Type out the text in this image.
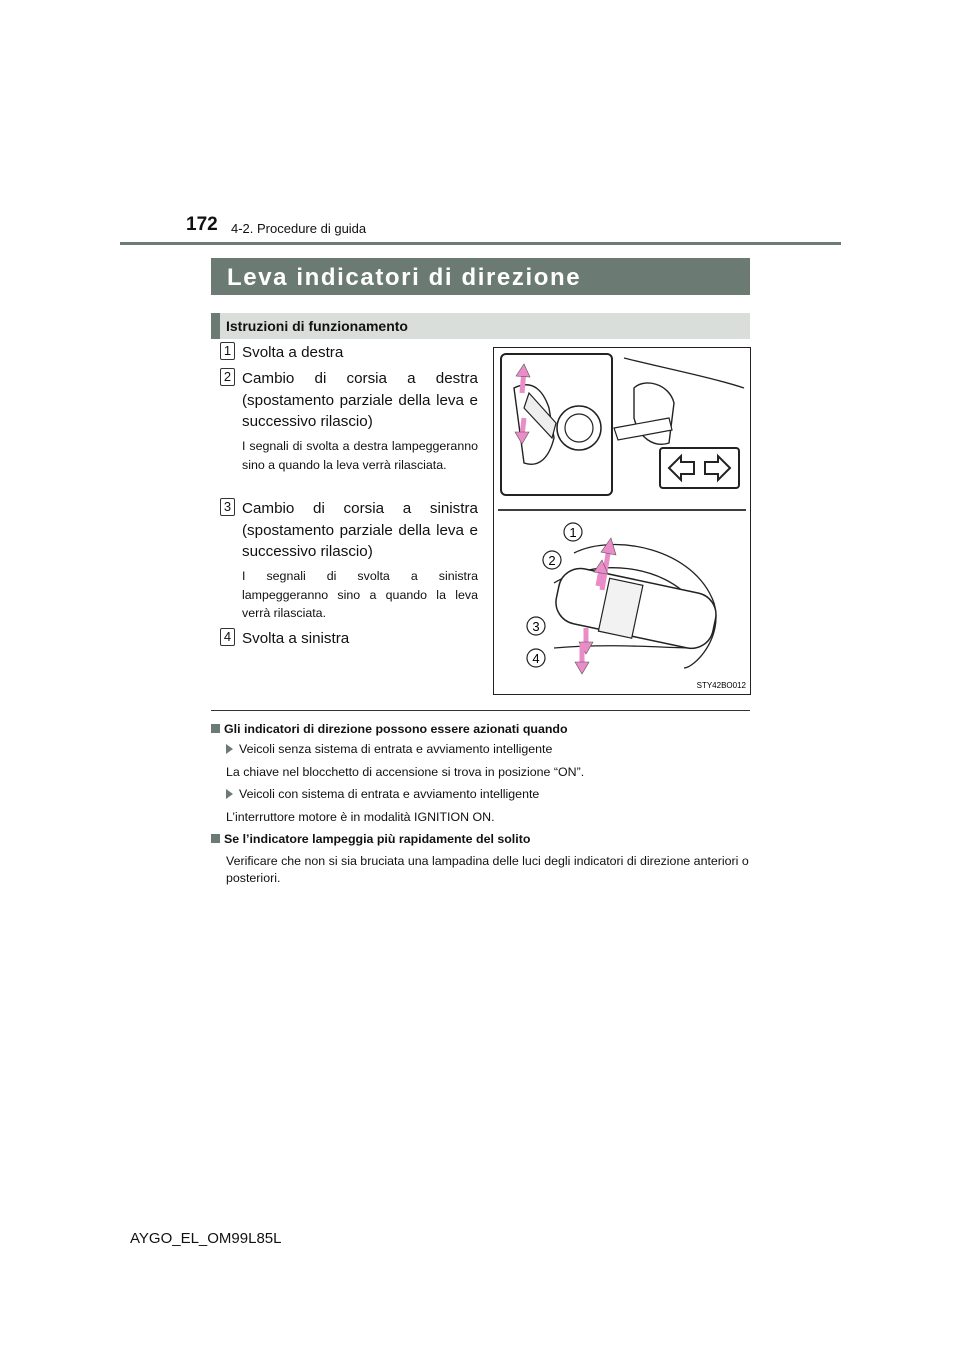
172 4-2. Procedure di guida
Leva indicatori di direzione
Istruzioni di funzionamento
1 Svolta a destra
2 Cambio di corsia a destra (spostamento parziale della leva e successivo rilascio)
I segnali di svolta a destra lampeggeranno sino a quando la leva verrà rilasciata.
3 Cambio di corsia a sinistra (spostamento parziale della leva e successivo rilascio)
I segnali di svolta a sinistra lampeggeranno sino a quando la leva verrà rilasciata.
4 Svolta a sinistra
1
2
3
4
STY42BO012
Gli indicatori di direzione possono essere azionati quando
Veicoli senza sistema di entrata e avviamento intelligente
La chiave nel blocchetto di accensione si trova in posizione “ON”.
Veicoli con sistema di entrata e avviamento intelligente
L’interruttore motore è in modalità IGNITION ON.
Se l’indicatore lampeggia più rapidamente del solito
Verificare che non si sia bruciata una lampadina delle luci degli indicatori di direzione anteriori o posteriori.
AYGO_EL_OM99L85L
